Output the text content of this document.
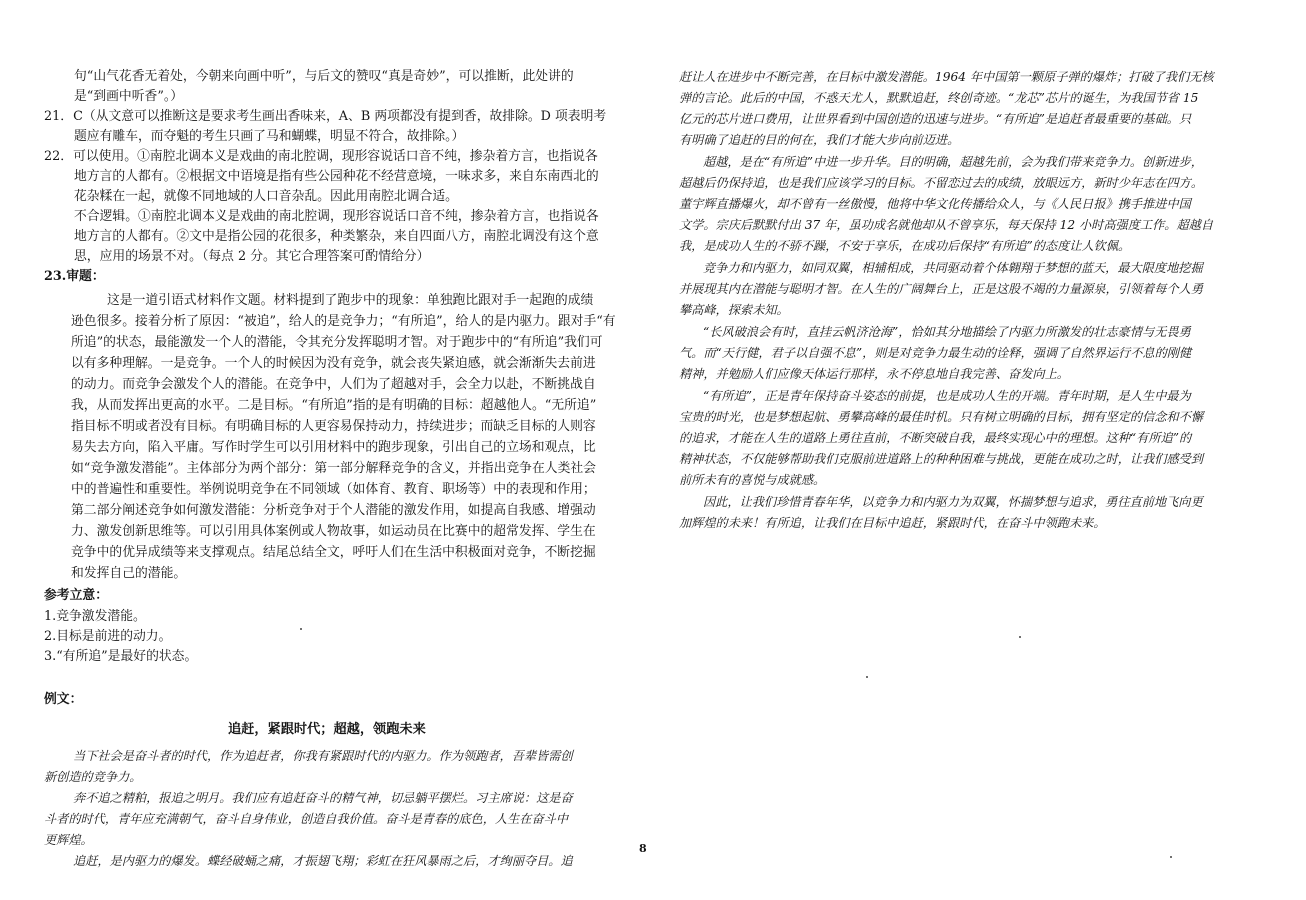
句“山气花香无着处，今朝来向画中听”，与后文的赞叹“真是奇妙”，可以推断，此处讲的
是“到画中听香”。）
21．C（从文意可以推断这是要求考生画出香味来，A、B 两项都没有提到香，故排除。D 项表明考
题应有雕车，而夺魁的考生只画了马和蝴蝶，明显不符合，故排除。）
22．可以使用。①南腔北调本义是戏曲的南北腔调，现形容说话口音不纯，掺杂着方言，也指说各
地方言的人都有。②根据文中语境是指有些公园种花不经营意境，一味求多，来自东南西北的
花杂糅在一起，就像不同地域的人口音杂乱。因此用南腔北调合适。
不合逻辑。①南腔北调本义是戏曲的南北腔调，现形容说话口音不纯，掺杂着方言，也指说各
地方言的人都有。②文中是指公园的花很多，种类繁杂，来自四面八方，南腔北调没有这个意
思，应用的场景不对。（每点 2 分。其它合理答案可酌情给分）
23.审题：
这是一道引语式材料作文题。材料提到了跑步中的现象：单独跑比跟对手一起跑的成绩
逊色很多。接着分析了原因：“被追”，给人的是竞争力；“有所追”，给人的是内驱力。跟对手“有
所追”的状态，最能激发一个人的潜能，令其充分发挥聪明才智。对于跑步中的“有所追”我们可
以有多种理解。一是竞争。一个人的时候因为没有竞争，就会丧失紧迫感，就会渐渐失去前进
的动力。而竞争会激发个人的潜能。在竞争中，人们为了超越对手，会全力以赴，不断挑战自
我，从而发挥出更高的水平。二是目标。“有所追”指的是有明确的目标：超越他人。“无所追”
指目标不明或者没有目标。有明确目标的人更容易保持动力，持续进步；而缺乏目标的人则容
易失去方向，陷入平庸。写作时学生可以引用材料中的跑步现象，引出自己的立场和观点，比
如“竞争激发潜能”。主体部分为两个部分：第一部分解释竞争的含义，并指出竞争在人类社会
中的普遍性和重要性。举例说明竞争在不同领域（如体育、教育、职场等）中的表现和作用；
第二部分阐述竞争如何激发潜能：分析竞争对于个人潜能的激发作用，如提高自我感、增强动
力、激发创新思维等。可以引用具体案例或人物故事，如运动员在比赛中的超常发挥、学生在
竞争中的优异成绩等来支撑观点。结尾总结全文，呼吁人们在生活中积极面对竞争，不断挖掘
和发挥自己的潜能。
参考立意：
1.竞争激发潜能。
2.目标是前进的动力。
3.“有所追”是最好的状态。
例文：
追赶，紧跟时代；超越，领跑未来
当下社会是奋斗者的时代，作为追赶者，你我有紧跟时代的内驱力。作为领跑者，吾辈皆需创
新创造的竞争力。
奔不追之精粕，报追之明月。我们应有追赶奋斗的精气神，切忌躺平摆烂。习主席说：这是奋
斗者的时代，青年应充满朝气，奋斗自身伟业，创造自我价值。奋斗是青春的底色，人生在奋斗中
更辉煌。
追赶，是内驱力的爆发。蝶经破蛹之痛，才振翅飞翔；彩虹在狂风暴雨之后，才绚丽夺目。追
8
赶让人在进步中不断完善，在目标中激发潜能。1964 年中国第一颗原子弹的爆炸；打破了我们无核
弹的言论。此后的中国，不惑天尤人，默默追赶，终创奇迹。“龙芯”芯片的诞生，为我国节省 15
亿元的芯片进口费用，让世界看到中国创造的迅速与进步。“有所追”是追赶者最重要的基础。只
有明确了追赶的目的何在，我们才能大步向前迈进。
超越，是在“有所追”中进一步升华。目的明确，超越先前，会为我们带来竞争力。创新进步，
超越后仍保持追，也是我们应该学习的目标。不留恋过去的成绩，放眼远方，新时少年志在四方。
董宇辉直播爆火，却不曾有一丝傲慢，他将中华文化传播给众人，与《人民日报》携手推进中国
文学。宗庆后默默付出 37 年，虽功成名就他却从不曾享乐，每天保持 12 小时高强度工作。超越自
我，是成功人生的不骄不躁，不安于享乐，在成功后保持“有所追”的态度让人钦佩。
竞争力和内驱力，如同双翼，相辅相成，共同驱动着个体翱翔于梦想的蓝天，最大限度地挖掘
并展现其内在潜能与聪明才智。在人生的广阔舞台上，正是这股不竭的力量源泉，引领着每个人勇
攀高峰，探索未知。
“长风破浪会有时，直挂云帆济沧海”，恰如其分地描绘了内驱力所激发的壮志豪情与无畏勇
气。而“天行健，君子以自强不息”，则是对竞争力最生动的诠释，强调了自然界运行不息的刚健
精神，并勉励人们应像天体运行那样，永不停息地自我完善、奋发向上。
“有所追”，正是青年保持奋斗姿态的前提，也是成功人生的开端。青年时期，是人生中最为
宝贵的时光，也是梦想起航、勇攀高峰的最佳时机。只有树立明确的目标，拥有坚定的信念和不懈
的追求，才能在人生的道路上勇往直前，不断突破自我，最终实现心中的理想。这种“有所追”的
精神状态，不仅能够帮助我们克服前进道路上的种种困难与挑战，更能在成功之时，让我们感受到
前所未有的喜悦与成就感。
因此，让我们珍惜青春年华，以竞争力和内驱力为双翼，怀揣梦想与追求，勇往直前地飞向更
加辉煌的未来！有所追，让我们在目标中追赶，紧跟时代，在奋斗中领跑未来。
